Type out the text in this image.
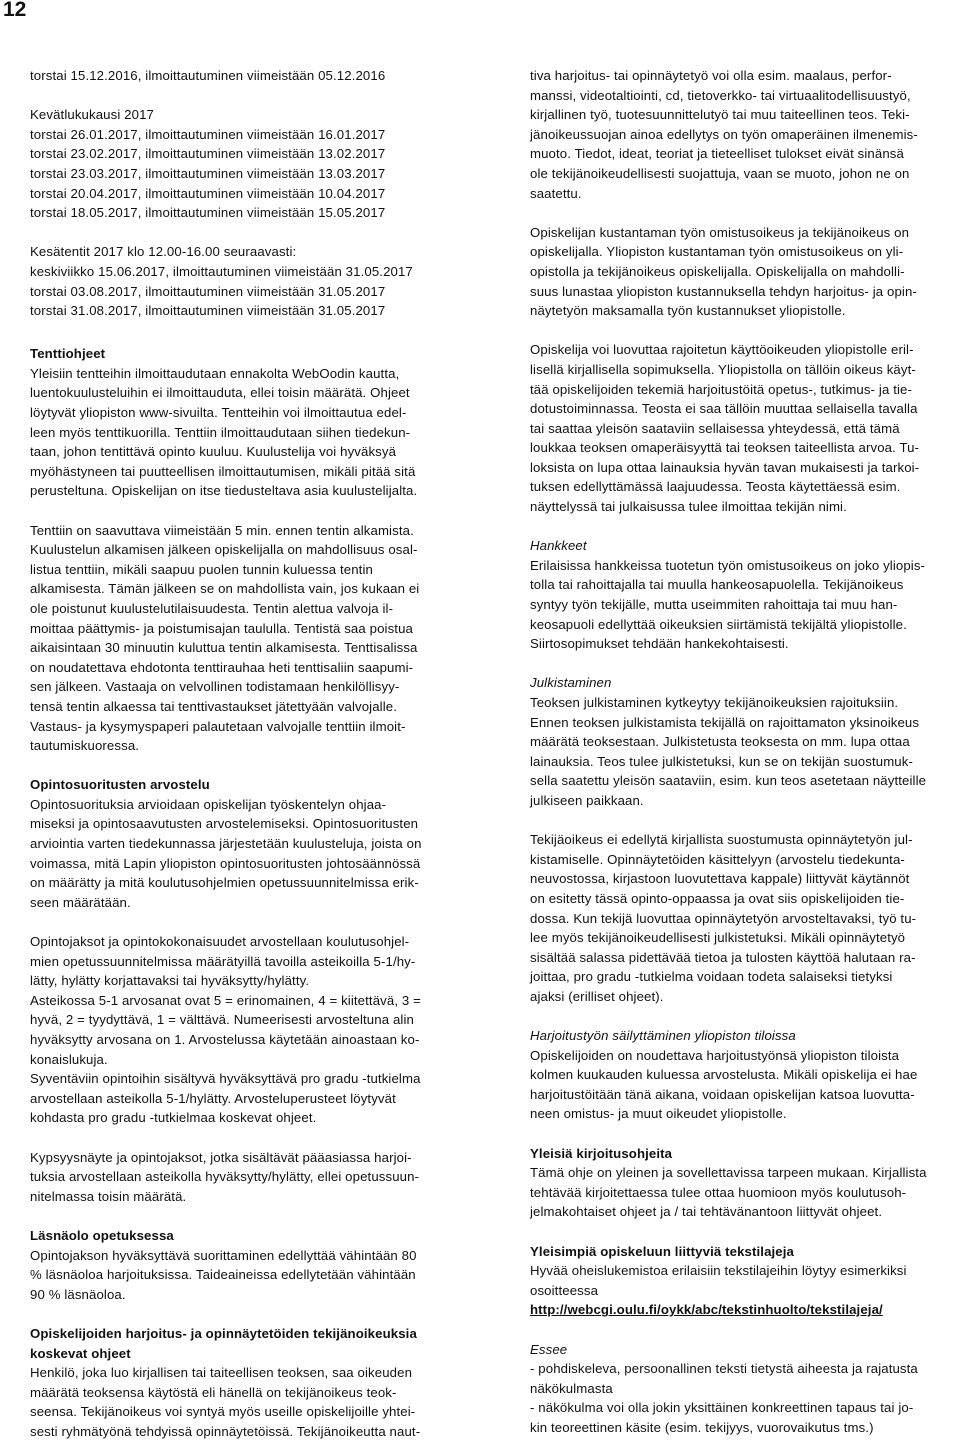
12
torstai 15.12.2016, ilmoittautuminen viimeistään 05.12.2016
Kevätlukukausi 2017
torstai 26.01.2017, ilmoittautuminen viimeistään 16.01.2017
torstai 23.02.2017, ilmoittautuminen viimeistään 13.02.2017
torstai 23.03.2017, ilmoittautuminen viimeistään 13.03.2017
torstai 20.04.2017, ilmoittautuminen viimeistään 10.04.2017
torstai 18.05.2017, ilmoittautuminen viimeistään 15.05.2017
Kesätentit 2017 klo 12.00-16.00 seuraavasti:
keskiviikko 15.06.2017, ilmoittautuminen viimeistään 31.05.2017
torstai 03.08.2017, ilmoittautuminen viimeistään 31.05.2017
torstai 31.08.2017, ilmoittautuminen viimeistään 31.05.2017
Tenttiohjeet
Yleisiin tentteihin ilmoittaudutaan ennakolta WebOodin kautta,
luentokuulusteluihin ei ilmoittauduta, ellei toisin määrätä. Ohjeet
löytyvät yliopiston www-sivuilta. Tentteihin voi ilmoittautua edel-
leen myös tenttikuorilla. Tenttiin ilmoittaudutaan siihen tiedekun-
taan, johon tentittävä opinto kuuluu. Kuulustelija voi hyväksyä
myöhästyneen tai puutteellisen ilmoittautumisen, mikäli pitää sitä
perusteltuna. Opiskelijan on itse tiedusteltava asia kuulustelijalta.
Tenttiin on saavuttava viimeistään 5 min. ennen tentin alkamista.
Kuulustelun alkamisen jälkeen opiskelijalla on mahdollisuus osal-
listua tenttiin, mikäli saapuu puolen tunnin kuluessa tentin
alkamisesta. Tämän jälkeen se on mahdollista vain, jos kukaan ei
ole poistunut kuulustelutilaisuudesta. Tentin alettua valvoja il-
moittaa päättymis- ja poistumisajan taululla. Tentistä saa poistua
aikaisintaan 30 minuutin kuluttua tentin alkamisesta. Tenttisalissa
on noudatettava ehdotonta tenttirauhaa heti tenttisaliin saapumi-
sen jälkeen. Vastaaja on velvollinen todistamaan henkilöllisyy-
tensä tentin alkaessa tai tenttivastaukset jätettyään valvojalle.
Vastaus- ja kysymyspaperi palautetaan valvojalle tenttiin ilmoit-
tautumiskuoressa.
Opintosuoritusten arvostelu
Opintosuorituksia arvioidaan opiskelijan työskentelyn ohjaa-
miseksi ja opintosaavutusten arvostelemiseksi. Opintosuoritusten
arviointia varten tiedekunnassa järjestetään kuulusteluja, joista on
voimassa, mitä Lapin yliopiston opintosuoritusten johtosäännössä
on määrätty ja mitä koulutusohjelmien opetussuunnitelmissa erik-
seen määrätään.
Opintojaksot ja opintokokonaisuudet arvostellaan koulutusohjel-
mien opetussuunnitelmissa määrätyillä tavoilla asteikoilla 5-1/hy-
lätty, hylätty korjattavaksi tai hyväksytty/hylätty.
Asteikossa 5-1 arvosanat ovat 5 = erinomainen, 4 = kiitettävä, 3 =
hyvä, 2 = tyydyttävä, 1 = välttävä. Numeerisesti arvosteltuna alin
hyväksytty arvosana on 1. Arvostelussa käytetään ainoastaan ko-
konaislukuja.
Syventäviin opintoihin sisältyvä hyväksyttävä pro gradu -tutkielma
arvostellaan asteikolla 5-1/hylätty. Arvosteluperusteet löytyvät
kohdasta pro gradu -tutkielmaa koskevat ohjeet.
Kypsyysnäyte ja opintojaksot, jotka sisältävät pääasiassa harjoi-
tuksia arvostellaan asteikolla hyväksytty/hylätty, ellei opetussuun-
nitelmassa toisin määrätä.
Läsnäolo opetuksessa
Opintojakson hyväksyttävä suorittaminen edellyttää vähintään 80
% läsnäoloa harjoituksissa. Taideaineissa edellytetään vähintään
90 % läsnäoloa.
Opiskelijoiden harjoitus- ja opinnäytetöiden tekijänoikeuksia
koskevat ohjeet
Henkilö, joka luo kirjallisen tai taiteellisen teoksen, saa oikeuden
määrätä teoksensa käytöstä eli hänellä on tekijänoikeus teok-
seensa. Tekijänoikeus voi syntyä myös useille opiskelijoille yhtei-
sesti ryhmätyönä tehdyissä opinnäytetöissä. Tekijänoikeutta naut-
tiva harjoitus- tai opinnäytetyö voi olla esim. maalaus, perfor-
manssi, videotaltiointi, cd, tietoverkko- tai virtuaalitodellisuustyö,
kirjallinen työ, tuotesuunnittelutyö tai muu taiteellinen teos. Teki-
jänoikeussuojan ainoa edellytys on työn omaperäinen ilmenemis-
muoto. Tiedot, ideat, teoriat ja tieteelliset tulokset eivät sinänsä
ole tekijänoikeudellisesti suojattuja, vaan se muoto, johon ne on
saatettu.
Opiskelijan kustantaman työn omistusoikeus ja tekijänoikeus on
opiskelijalla. Yliopiston kustantaman työn omistusoikeus on yli-
opistolla ja tekijänoikeus opiskelijalla. Opiskelijalla on mahdolli-
suus lunastaa yliopiston kustannuksella tehdyn harjoitus- ja opin-
näytetyön maksamalla työn kustannukset yliopistolle.
Opiskelija voi luovuttaa rajoitetun käyttöoikeuden yliopistolle eril-
lisellä kirjallisella sopimuksella. Yliopistolla on tällöin oikeus käyt-
tää opiskelijoiden tekemiä harjoitustöitä opetus-, tutkimus- ja tie-
dotustoiminnassa. Teosta ei saa tällöin muuttaa sellaisella tavalla
tai saattaa yleisön saataviin sellaisessa yhteydessä, että tämä
loukkaa teoksen omaperäisyyttä tai teoksen taiteellista arvoa. Tu-
loksista on lupa ottaa lainauksia hyvän tavan mukaisesti ja tarkoi-
tuksen edellyttämässä laajuudessa. Teosta käytettäessä esim.
näyttelyssä tai julkaisussa tulee ilmoittaa tekijän nimi.
Hankkeet
Erilaisissa hankkeissa tuotetun työn omistusoikeus on joko yliopis-
tolla tai rahoittajalla tai muulla hankeosapuolella. Tekijänoikeus
syntyy työn tekijälle, mutta useimmiten rahoittaja tai muu han-
keosapuoli edellyttää oikeuksien siirtämistä tekijältä yliopistolle.
Siirtosopimukset tehdään hankekohtaisesti.
Julkistaminen
Teoksen julkistaminen kytkeytyy tekijänoikeuksien rajoituksiin.
Ennen teoksen julkistamista tekijällä on rajoittamaton yksinoikeus
määrätä teoksestaan. Julkistetusta teoksesta on mm. lupa ottaa
lainauksia. Teos tulee julkistetuksi, kun se on tekijän suostumuk-
sella saatettu yleisön saataviin, esim. kun teos asetetaan näytteille
julkiseen paikkaan.
Tekijäoikeus ei edellytä kirjallista suostumusta opinnäytetyön jul-
kistamiselle. Opinnäytetöiden käsittelyyn (arvostelu tiedekunta-
neuvostossa, kirjastoon luovutettava kappale) liittyvät käytännöt
on esitetty tässä opinto-oppaassa ja ovat siis opiskelijoiden tie-
dossa. Kun tekijä luovuttaa opinnäytetyön arvosteltavaksi, työ tu-
lee myös tekijänoikeudellisesti julkistetuksi. Mikäli opinnäytetyö
sisältää salassa pidettävää tietoa ja tulosten käyttöä halutaan ra-
joittaa, pro gradu -tutkielma voidaan todeta salaiseksi tietyksi
ajaksi (erilliset ohjeet).
Harjoitustyön säilyttäminen yliopiston tiloissa
Opiskelijoiden on noudettava harjoitustyönsä yliopiston tiloista
kolmen kuukauden kuluessa arvostelusta. Mikäli opiskelija ei hae
harjoitustöitään tänä aikana, voidaan opiskelijan katsoa luovutta-
neen omistus- ja muut oikeudet yliopistolle.
Yleisiä kirjoitusohjeita
Tämä ohje on yleinen ja sovellettavissa tarpeen mukaan. Kirjallista
tehtävää kirjoitettaessa tulee ottaa huomioon myös koulutusoh-
jelmakohtaiset ohjeet ja / tai tehtävänantoon liittyvät ohjeet.
Yleisimpiä opiskeluun liittyviä tekstilajeja
Hyvää oheislukemistoa erilaisiin tekstilajeihin löytyy esimerkiksi
osoitteessa
http://webcgi.oulu.fi/oykk/abc/tekstinhuolto/tekstilajeja/
Essee
- pohdiskeleva, persoonallinen teksti tietystä aiheesta ja rajatusta
näkökulmasta
- näkökulma voi olla jokin yksittäinen konkreettinen tapaus tai jo-
kin teoreettinen käsite (esim. tekijyys, vuorovaikutus tms.)
